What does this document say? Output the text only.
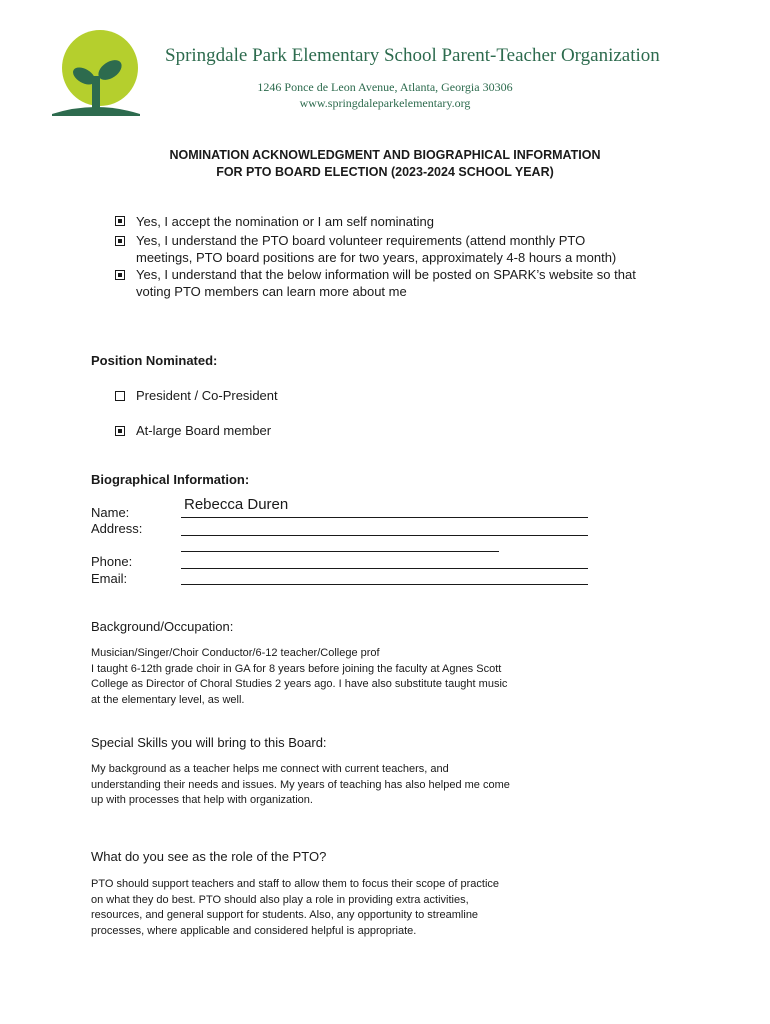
Springdale Park Elementary School Parent-Teacher Organization
1246 Ponce de Leon Avenue, Atlanta, Georgia 30306
www.springdaleparkelementary.org
NOMINATION ACKNOWLEDGMENT AND BIOGRAPHICAL INFORMATION
FOR PTO BOARD ELECTION (2023-2024 SCHOOL YEAR)
Yes, I accept the nomination or I am self nominating
Yes, I understand the PTO board volunteer requirements (attend monthly PTO
meetings, PTO board positions are for two years, approximately 4-8 hours a month)
Yes, I understand that the below information will be posted on SPARK’s website so that
voting PTO members can learn more about me
Position Nominated:
President / Co-President
At-large Board member
Biographical Information:
Name:	Rebecca Duren
Address:
Phone:
Email:
Background/Occupation:
Musician/Singer/Choir Conductor/6-12 teacher/College prof
I taught 6-12th grade choir in GA for 8 years before joining the faculty at Agnes Scott
College as Director of Choral Studies 2 years ago. I have also substitute taught music
at the elementary level, as well.
Special Skills you will bring to this Board:
My background as a teacher helps me connect with current teachers, and
understanding their needs and issues. My years of teaching has also helped me come
up with processes that help with organization.
What do you see as the role of the PTO?
PTO should support teachers and staff to allow them to focus their scope of practice
on what they do best. PTO should also play a role in providing extra activities,
resources, and general support for students. Also, any opportunity to streamline
processes, where applicable and considered helpful is appropriate.
